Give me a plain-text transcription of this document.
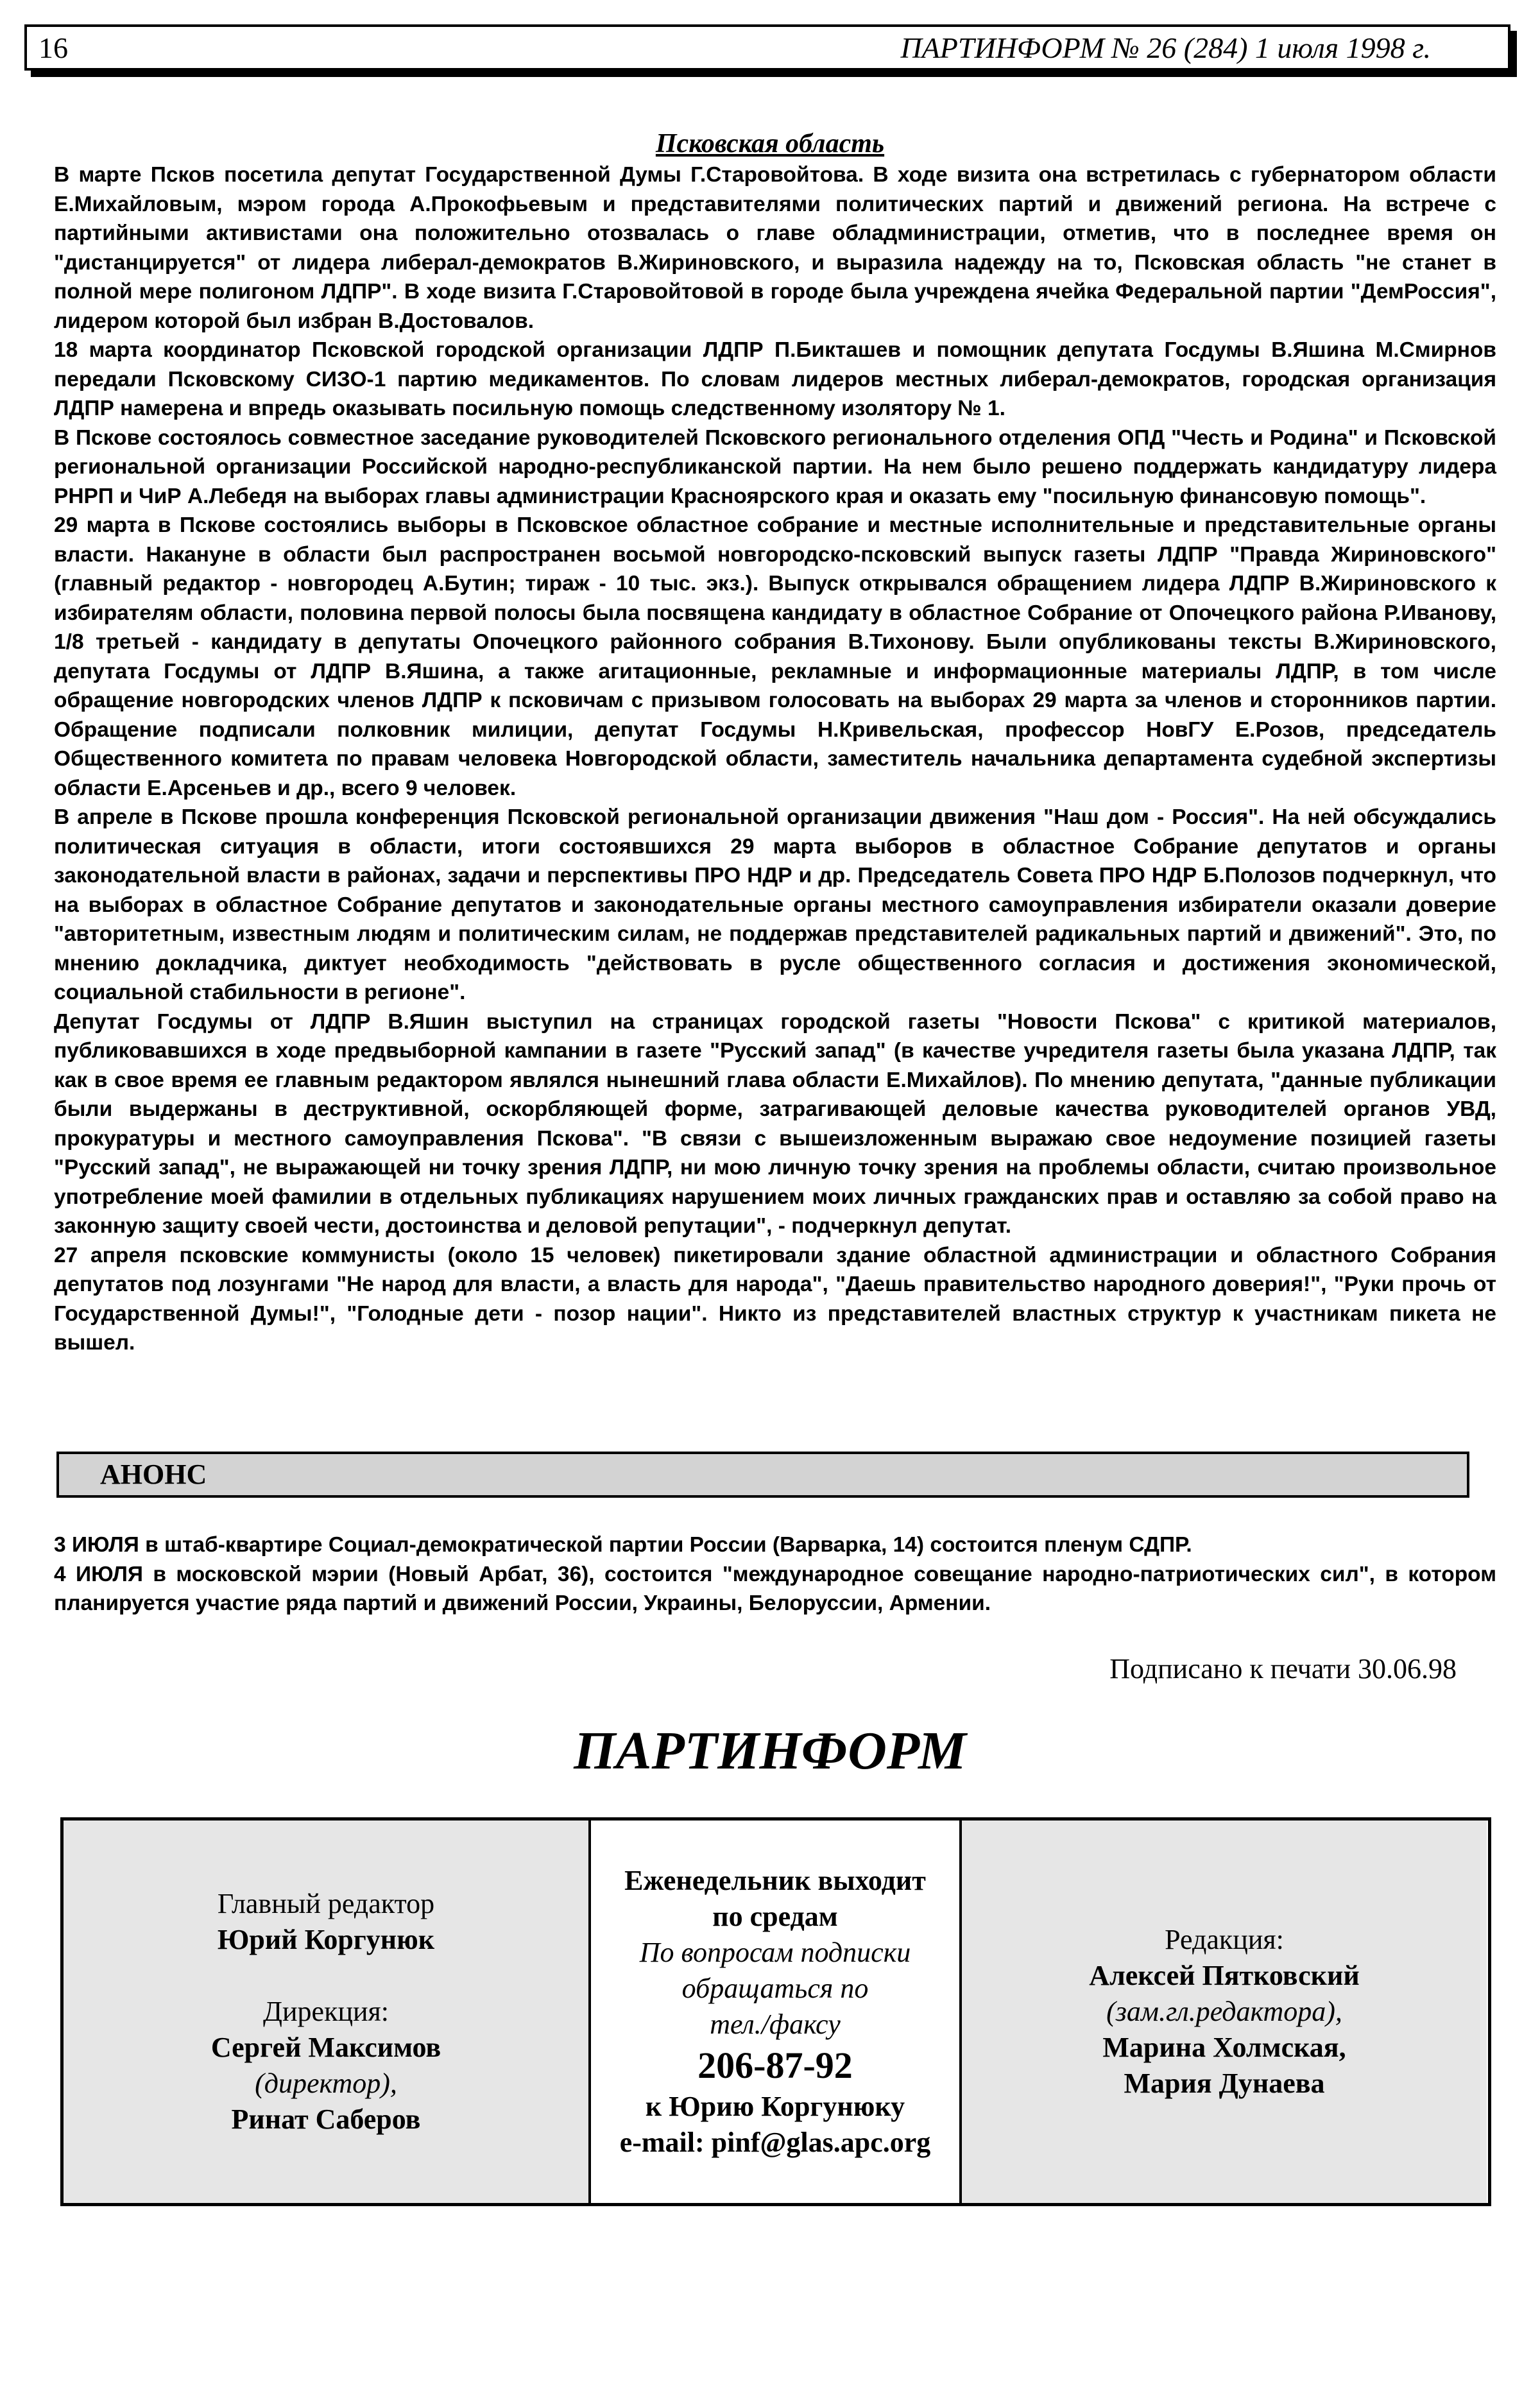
16	ПАРТИНФОРМ № 26 (284) 1 июля 1998 г.
Псковская область

В марте Псков посетила депутат Государственной Думы Г.Старовойтова. В ходе визита она встретилась с губернатором области Е.Михайловым, мэром города А.Прокофьевым и представителями политических партий и движений региона. На встрече с партийными активистами она положительно отозвалась о главе обладминистрации, отметив, что в последнее время он "дистанцируется" от лидера либерал-демократов В.Жириновского, и выразила надежду на то, Псковская область "не станет в полной мере полигоном ЛДПР". В ходе визита Г.Старовойтовой в городе была учреждена ячейка Федеральной партии "ДемРоссия", лидером которой был избран В.Достовалов.

18 марта координатор Псковской городской организации ЛДПР П.Бикташев и помощник депутата Госдумы В.Яшина М.Смирнов передали Псковскому СИЗО-1 партию медикаментов. По словам лидеров местных либерал-демократов, городская организация ЛДПР намерена и впредь оказывать посильную помощь следственному изолятору № 1.

В Пскове состоялось совместное заседание руководителей Псковского регионального отделения ОПД "Честь и Родина" и Псковской региональной организации Российской народно-республиканской партии. На нем было решено поддержать кандидатуру лидера РНРП и ЧиР А.Лебедя на выборах главы администрации Красноярского края и оказать ему "посильную финансовую помощь".

29 марта в Пскове состоялись выборы в Псковское областное собрание и местные исполнительные и представительные органы власти. Накануне в области был распространен восьмой новгородско-псковский выпуск газеты ЛДПР "Правда Жириновского" (главный редактор - новгородец А.Бутин; тираж - 10 тыс. экз.). Выпуск открывался обращением лидера ЛДПР В.Жириновского к избирателям области, половина первой полосы была посвящена кандидату в областное Собрание от Опочецкого района Р.Иванову, 1/8 третьей - кандидату в депутаты Опочецкого районного собрания В.Тихонову. Были опубликованы тексты В.Жириновского, депутата Госдумы от ЛДПР В.Яшина, а также агитационные, рекламные и информационные материалы ЛДПР, в том числе обращение новгородских членов ЛДПР к псковичам с призывом голосовать на выборах 29 марта за членов и сторонников партии. Обращение подписали полковник милиции, депутат Госдумы Н.Кривельская, профессор НовГУ Е.Розов, председатель Общественного комитета по правам человека Новгородской области, заместитель начальника департамента судебной экспертизы области Е.Арсеньев и др., всего 9 человек.

В апреле в Пскове прошла конференция Псковской региональной организации движения "Наш дом - Россия". На ней обсуждались политическая ситуация в области, итоги состоявшихся 29 марта выборов в областное Собрание депутатов и органы законодательной власти в районах, задачи и перспективы ПРО НДР и др. Председатель Совета ПРО НДР Б.Полозов подчеркнул, что на выборах в областное Собрание депутатов и законодательные органы местного самоуправления избиратели оказали доверие "авторитетным, известным людям и политическим силам, не поддержав представителей радикальных партий и движений". Это, по мнению докладчика, диктует необходимость "действовать в русле общественного согласия и достижения экономической, социальной стабильности в регионе".

Депутат Госдумы от ЛДПР В.Яшин выступил на страницах городской газеты "Новости Пскова" с критикой материалов, публиковавшихся в ходе предвыборной кампании в газете "Русский запад" (в качестве учредителя газеты была указана ЛДПР, так как в свое время ее главным редактором являлся нынешний глава области Е.Михайлов). По мнению депутата, "данные публикации были выдержаны в деструктивной, оскорбляющей форме, затрагивающей деловые качества руководителей органов УВД, прокуратуры и местного самоуправления Пскова". "В связи с вышеизложенным выражаю свое недоумение позицией газеты "Русский запад", не выражающей ни точку зрения ЛДПР, ни мою личную точку зрения на проблемы области, считаю произвольное употребление моей фамилии в отдельных публикациях нарушением моих личных гражданских прав и оставляю за собой право на законную защиту своей чести, достоинства и деловой репутации", - подчеркнул депутат.

27 апреля псковские коммунисты (около 15 человек) пикетировали здание областной администрации и областного Собрания депутатов под лозунгами "Не народ для власти, а власть для народа", "Даешь правительство народного доверия!", "Руки прочь от Государственной Думы!", "Голодные дети - позор нации". Никто из представителей властных структур к участникам пикета не вышел.

АНОНС

3 ИЮЛЯ в штаб-квартире Социал-демократической партии России (Варварка, 14) состоится пленум СДПР.

4 ИЮЛЯ в московской мэрии (Новый Арбат, 36), состоится "международное совещание народно-патриотических сил", в котором планируется участие ряда партий и движений России, Украины, Белоруссии, Армении.

Подписано к печати 30.06.98
ПАРТИНФОРМ
Главный редактор
Юрий Коргунюк
Дирекция:
Сергей Максимов
(директор),
Ринат Саберов
Еженедельник выходит
по средам
По вопросам подписки
обращаться по
тел./факсу
206-87-92
к Юрию Коргунюку
e-mail: pinf@glas.apc.org
Редакция:
Алексей Пятковский
(зам.гл.редактора),
Марина Холмская,
Мария Дунаева
